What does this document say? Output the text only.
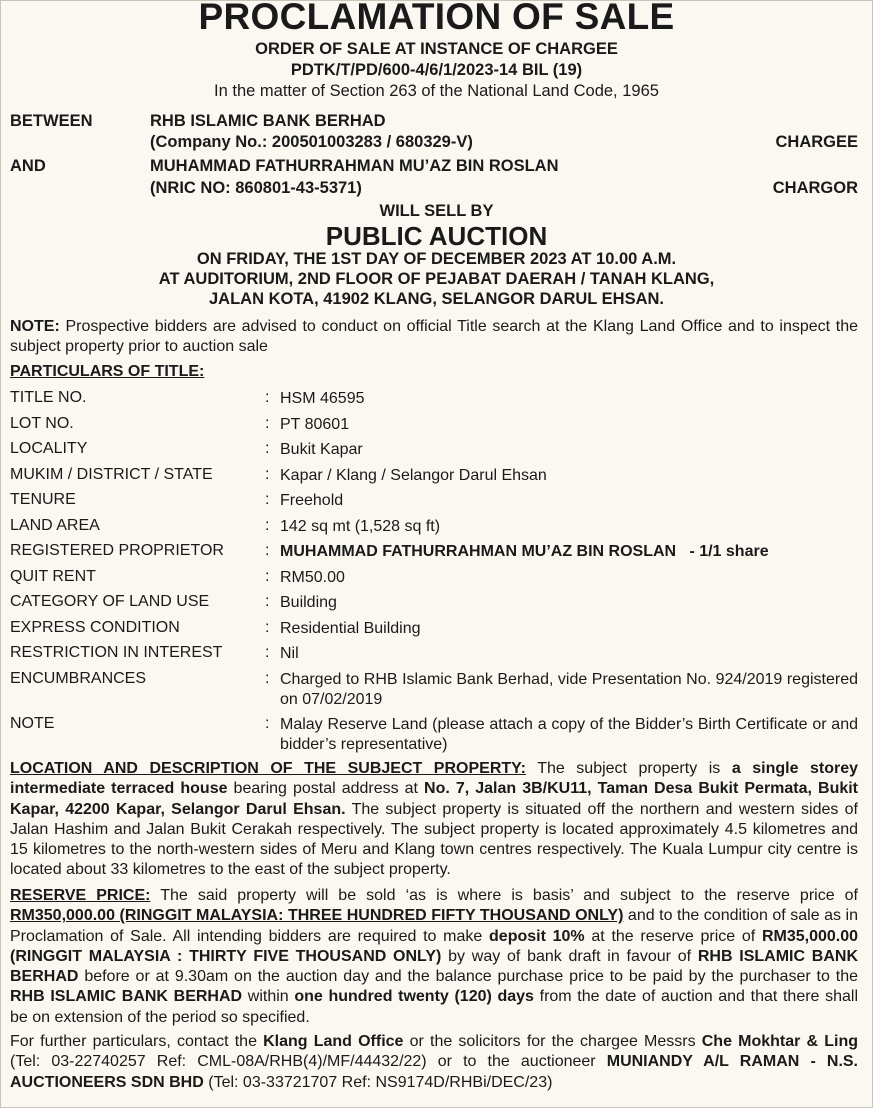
PROCLAMATION OF SALE
ORDER OF SALE AT INSTANCE OF CHARGEE
PDTK/T/PD/600-4/6/1/2023-14 BIL (19)
In the matter of Section 263 of the National Land Code, 1965
BETWEEN	RHB ISLAMIC BANK BERHAD
(Company No.: 200501003283 / 680329-V)	CHARGEE
AND	MUHAMMAD FATHURRAHMAN MU’AZ BIN ROSLAN
(NRIC NO: 860801-43-5371)	CHARGOR
WILL SELL BY
PUBLIC AUCTION
ON FRIDAY, THE 1ST DAY OF DECEMBER 2023 AT 10.00 A.M.
AT AUDITORIUM, 2ND FLOOR OF PEJABAT DAERAH / TANAH KLANG,
JALAN KOTA, 41902 KLANG, SELANGOR DARUL EHSAN.
NOTE: Prospective bidders are advised to conduct on official Title search at the Klang Land Office and to inspect the subject property prior to auction sale
PARTICULARS OF TITLE:
TITLE NO.	: HSM 46595
LOT NO.	: PT 80601
LOCALITY	: Bukit Kapar
MUKIM / DISTRICT / STATE	: Kapar / Klang / Selangor Darul Ehsan
TENURE	: Freehold
LAND AREA	: 142 sq mt (1,528 sq ft)
REGISTERED PROPRIETOR	: MUHAMMAD FATHURRAHMAN MU’AZ BIN ROSLAN   - 1/1 share
QUIT RENT	: RM50.00
CATEGORY OF LAND USE	: Building
EXPRESS CONDITION	: Residential Building
RESTRICTION IN INTEREST	: Nil
ENCUMBRANCES	: Charged to RHB Islamic Bank Berhad, vide Presentation No. 924/2019 registered on 07/02/2019
NOTE	: Malay Reserve Land (please attach a copy of the Bidder’s Birth Certificate or and bidder’s representative)
LOCATION AND DESCRIPTION OF THE SUBJECT PROPERTY: The subject property is a single storey intermediate terraced house bearing postal address at No. 7, Jalan 3B/KU11, Taman Desa Bukit Permata, Bukit Kapar, 42200 Kapar, Selangor Darul Ehsan. The subject property is situated off the northern and western sides of Jalan Hashim and Jalan Bukit Cerakah respectively. The subject property is located approximately 4.5 kilometres and 15 kilometres to the north-western sides of Meru and Klang town centres respectively. The Kuala Lumpur city centre is located about 33 kilometres to the east of the subject property.
RESERVE PRICE: The said property will be sold ‘as is where is basis’ and subject to the reserve price of RM350,000.00 (RINGGIT MALAYSIA: THREE HUNDRED FIFTY THOUSAND ONLY) and to the condition of sale as in Proclamation of Sale. All intending bidders are required to make deposit 10% at the reserve price of RM35,000.00 (RINGGIT MALAYSIA : THIRTY FIVE THOUSAND ONLY) by way of bank draft in favour of RHB ISLAMIC BANK BERHAD before or at 9.30am on the auction day and the balance purchase price to be paid by the purchaser to the RHB ISLAMIC BANK BERHAD within one hundred twenty (120) days from the date of auction and that there shall be on extension of the period so specified.
For further particulars, contact the Klang Land Office or the solicitors for the chargee Messrs Che Mokhtar & Ling (Tel: 03-22740257 Ref: CML-08A/RHB(4)/MF/44432/22) or to the auctioneer MUNIANDY A/L RAMAN - N.S. AUCTIONEERS SDN BHD (Tel: 03-33721707 Ref: NS9174D/RHBi/DEC/23)
